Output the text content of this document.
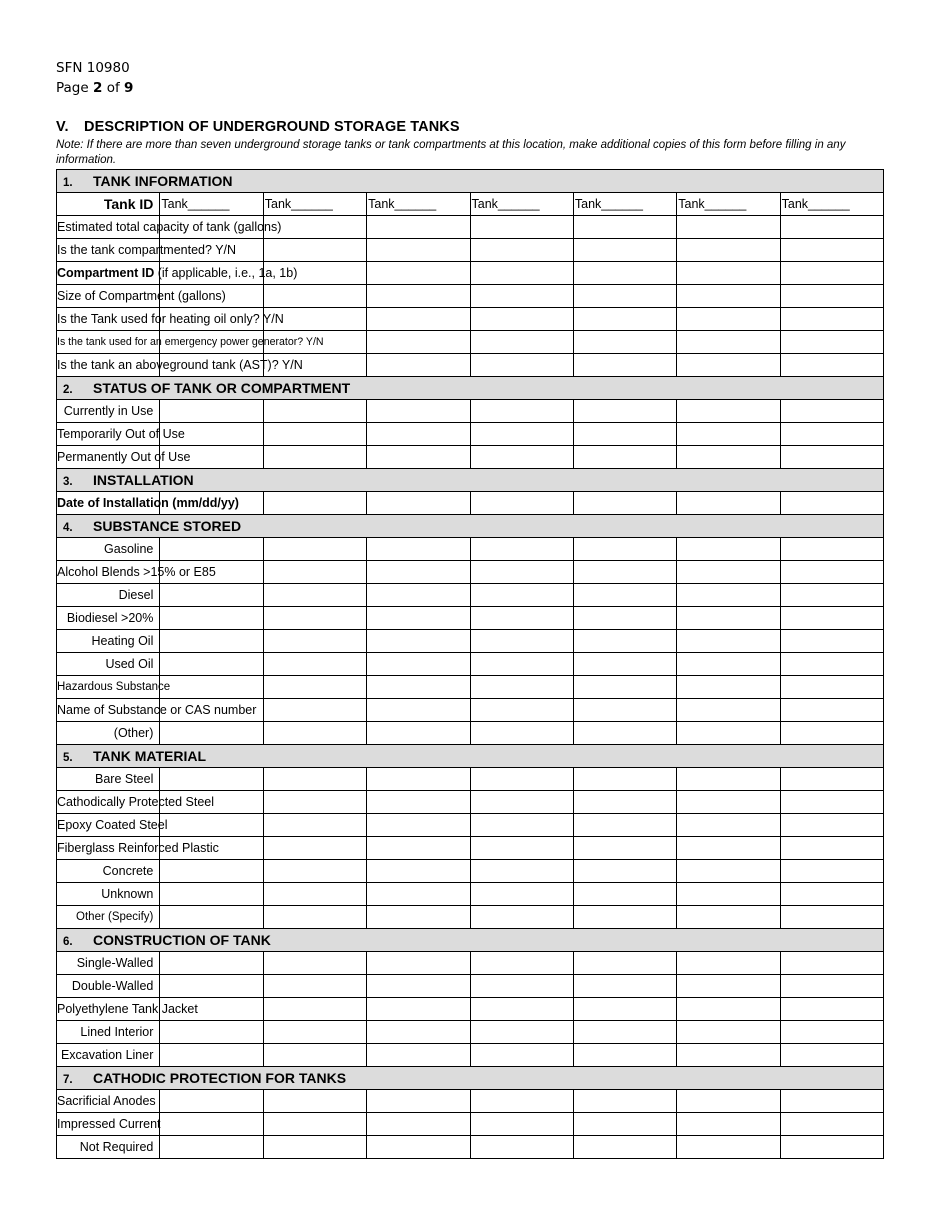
SFN 10980
Page 2 of 9
V. DESCRIPTION OF UNDERGROUND STORAGE TANKS
Note: If there are more than seven underground storage tanks or tank compartments at this location, make additional copies of this form before filling in any information.
1. TANK INFORMATION							
Tank ID	Tank______	Tank______	Tank______	Tank______	Tank______	Tank______	Tank______
Estimated total capacity of tank (gallons)							
Is the tank compartmented? Y/N							
Compartment ID (if applicable, i.e., 1a, 1b)							
Size of Compartment (gallons)							
Is the Tank used for heating oil only? Y/N							
Is the tank used for an emergency power generator? Y/N							
Is the tank an aboveground tank (AST)? Y/N							
2. STATUS OF TANK OR COMPARTMENT							
Currently in Use							
Temporarily Out of Use							
Permanently Out of Use							
3. INSTALLATION							
Date of Installation (mm/dd/yy)							
4. SUBSTANCE STORED							
Gasoline							
Alcohol Blends >15% or E85							
Diesel							
Biodiesel >20%							
Heating Oil							
Used Oil							
Hazardous Substance							
Name of Substance or CAS number							
(Other)							
5. TANK MATERIAL							
Bare Steel							
Cathodically Protected Steel							
Epoxy Coated Steel							
Fiberglass Reinforced Plastic							
Concrete							
Unknown							
Other (Specify)							
6. CONSTRUCTION OF TANK							
Single-Walled							
Double-Walled							
Polyethylene Tank Jacket							
Lined Interior							
Excavation Liner							
7. CATHODIC PROTECTION FOR TANKS							
Sacrificial Anodes							
Impressed Current							
Not Required							
